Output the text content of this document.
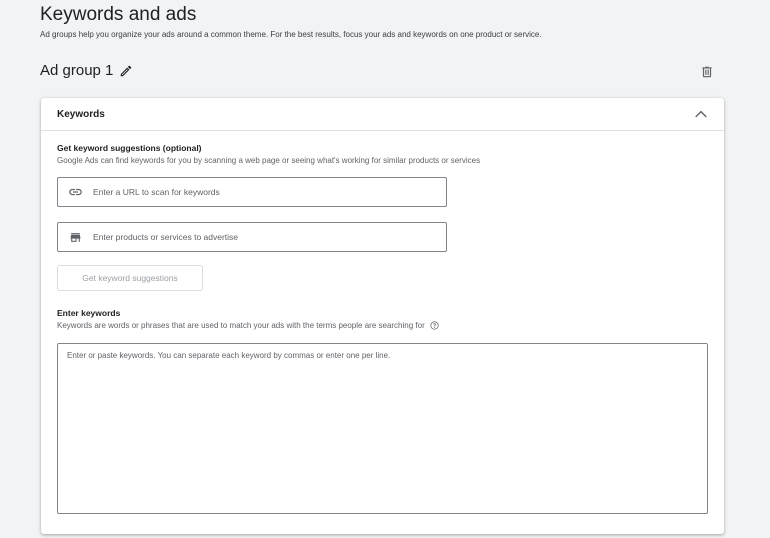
Keywords and ads
Ad groups help you organize your ads around a common theme. For the best results, focus your ads and keywords on one product or service.
Ad group 1
Keywords
Get keyword suggestions (optional)
Google Ads can find keywords for you by scanning a web page or seeing what's working for similar products or services
Enter a URL to scan for keywords
Enter products or services to advertise
Get keyword suggestions
Enter keywords
Keywords are words or phrases that are used to match your ads with the terms people are searching for
Enter or paste keywords. You can separate each keyword by commas or enter one per line.
